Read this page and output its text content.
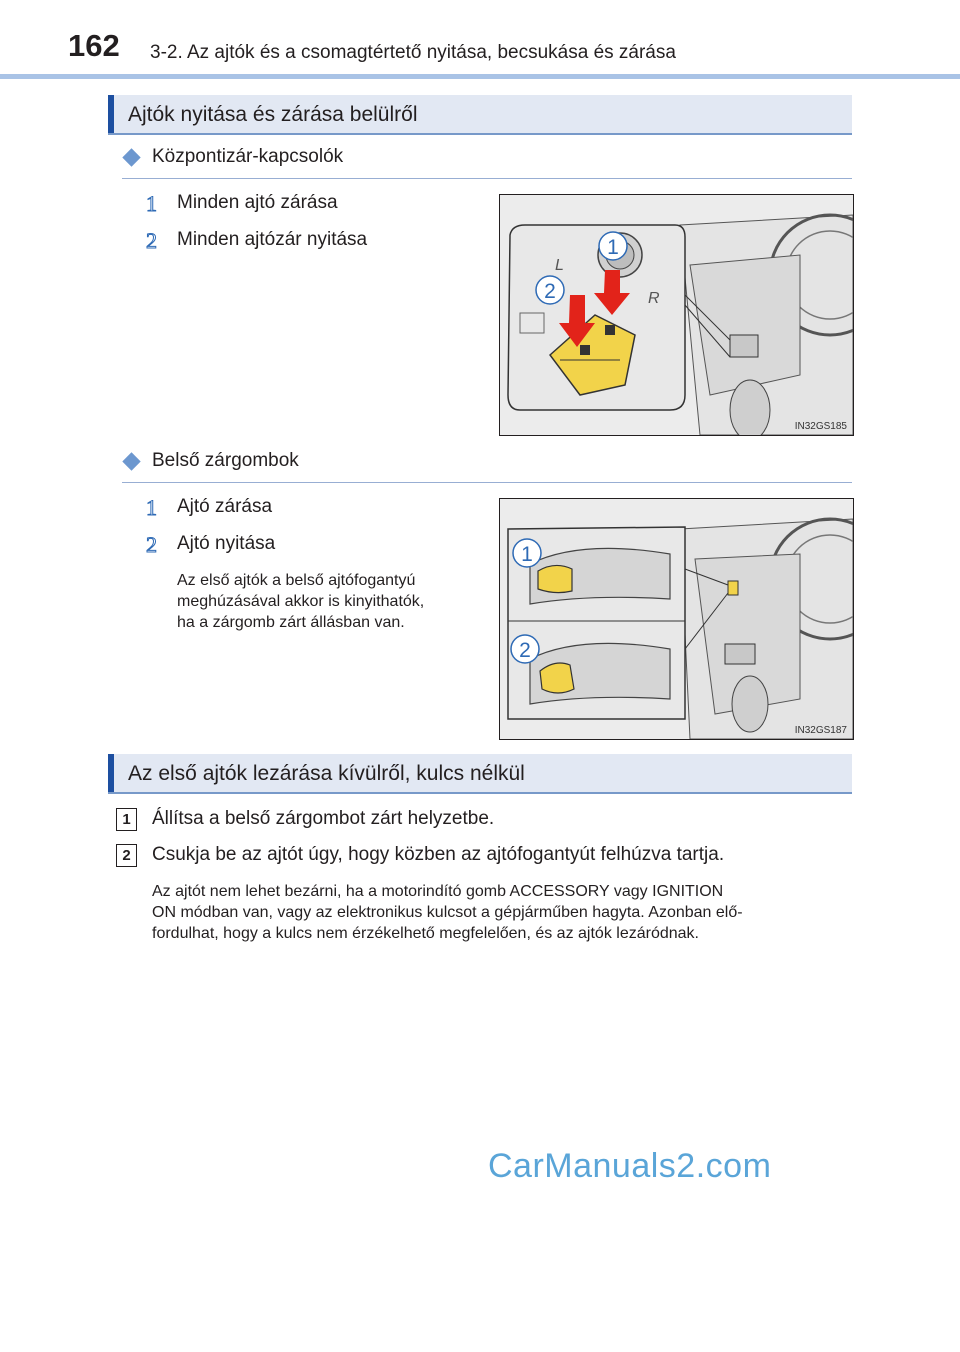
162 3-2. Az ajtók és a csomagtértető nyitása, becsukása és zárása
Ajtók nyitása és zárása belülről
Központizár-kapcsolók
1 Minden ajtó zárása
2 Minden ajtózár nyitása
L
R
1
2
IN32GS185
Belső zárgombok
1 Ajtó zárása
2 Ajtó nyitása
Az első ajtók a belső ajtófogantyú
meghúzásával akkor is kinyithatók,
ha a zárgomb zárt állásban van.
1
2
IN32GS187
Az első ajtók lezárása kívülről, kulcs nélkül
1	Állítsa a belső zárgombot zárt helyzetbe.
2	Csukja be az ajtót úgy, hogy közben az ajtófogantyút felhúzva tartja.
Az ajtót nem lehet bezárni, ha a motorindító gomb ACCESSORY vagy IGNITION
ON módban van, vagy az elektronikus kulcsot a gépjárműben hagyta. Azonban elő-
fordulhat, hogy a kulcs nem érzékelhető megfelelően, és az ajtók lezáródnak.
CarManuals2.com
